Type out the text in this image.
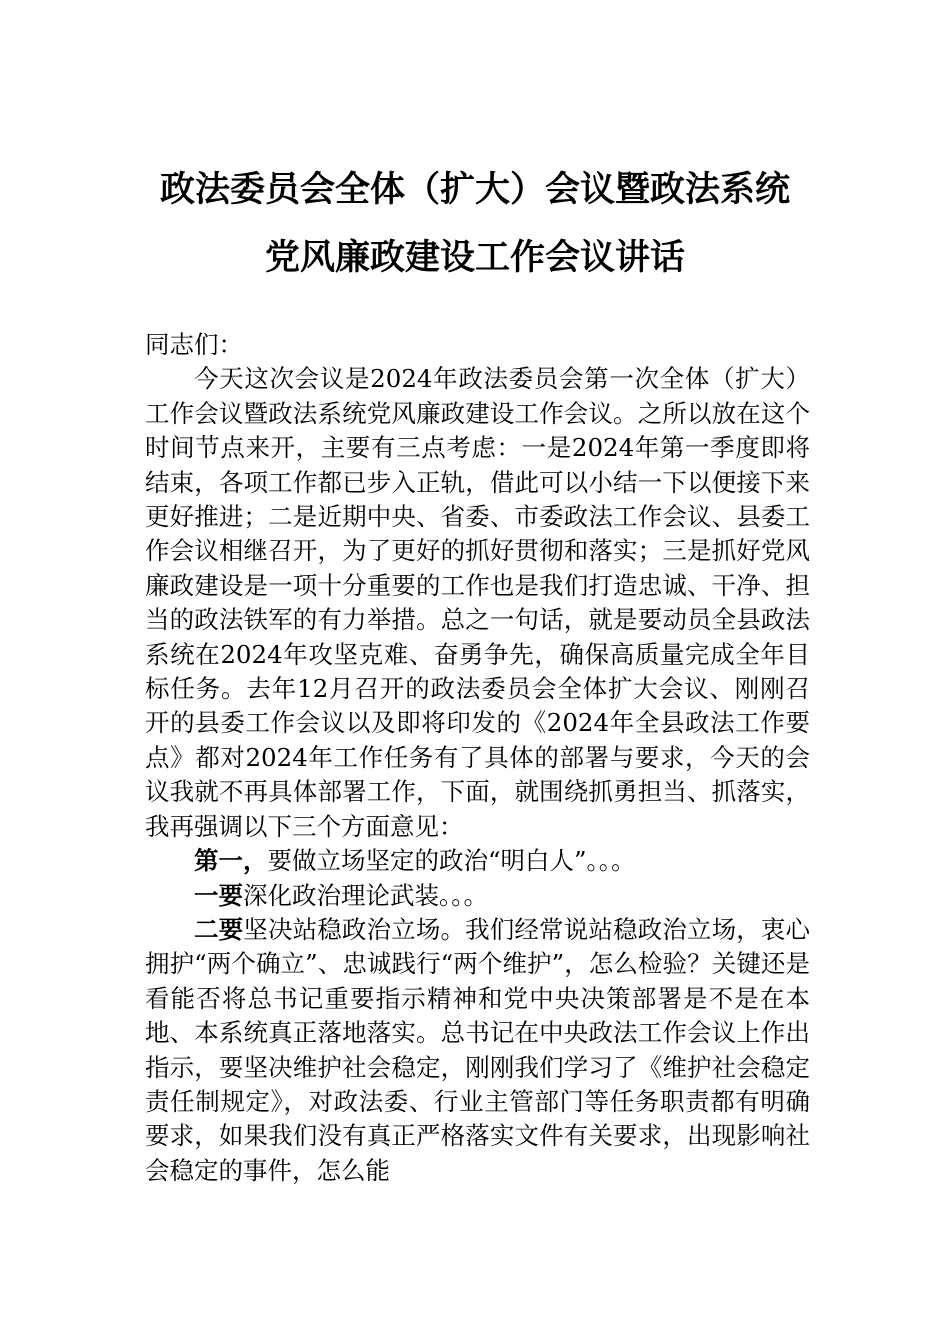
政法委员会全体（扩大）会议暨政法系统
党风廉政建设工作会议讲话

同志们：

今天这次会议是2024年政法委员会第一次全体（扩大）工作会议暨政法系统党风廉政建设工作会议。之所以放在这个时间节点来开，主要有三点考虑：一是2024年第一季度即将结束，各项工作都已步入正轨，借此可以小结一下以便接下来更好推进；二是近期中央、省委、市委政法工作会议、县委工作会议相继召开，为了更好的抓好贯彻和落实；三是抓好党风廉政建设是一项十分重要的工作也是我们打造忠诚、干净、担当的政法铁军的有力举措。总之一句话，就是要动员全县政法系统在2024年攻坚克难、奋勇争先，确保高质量完成全年目标任务。去年12月召开的政法委员会全体扩大会议、刚刚召开的县委工作会议以及即将印发的《2024年全县政法工作要点》都对2024年工作任务有了具体的部署与要求，今天的会议我就不再具体部署工作，下面，就围绕抓勇担当、抓落实，我再强调以下三个方面意见：

第一，要做立场坚定的政治“明白人”。。。

一要深化政治理论武装。。。

二要坚决站稳政治立场。我们经常说站稳政治立场，衷心拥护“两个确立”、忠诚践行“两个维护”，怎么检验？关键还是看能否将总书记重要指示精神和党中央决策部署是不是在本地、本系统真正落地落实。总书记在中央政法工作会议上作出指示，要坚决维护社会稳定，刚刚我们学习了《维护社会稳定责任制规定》，对政法委、行业主管部门等任务职责都有明确要求，如果我们没有真正严格落实文件有关要求，出现影响社会稳定的事件，怎么能
